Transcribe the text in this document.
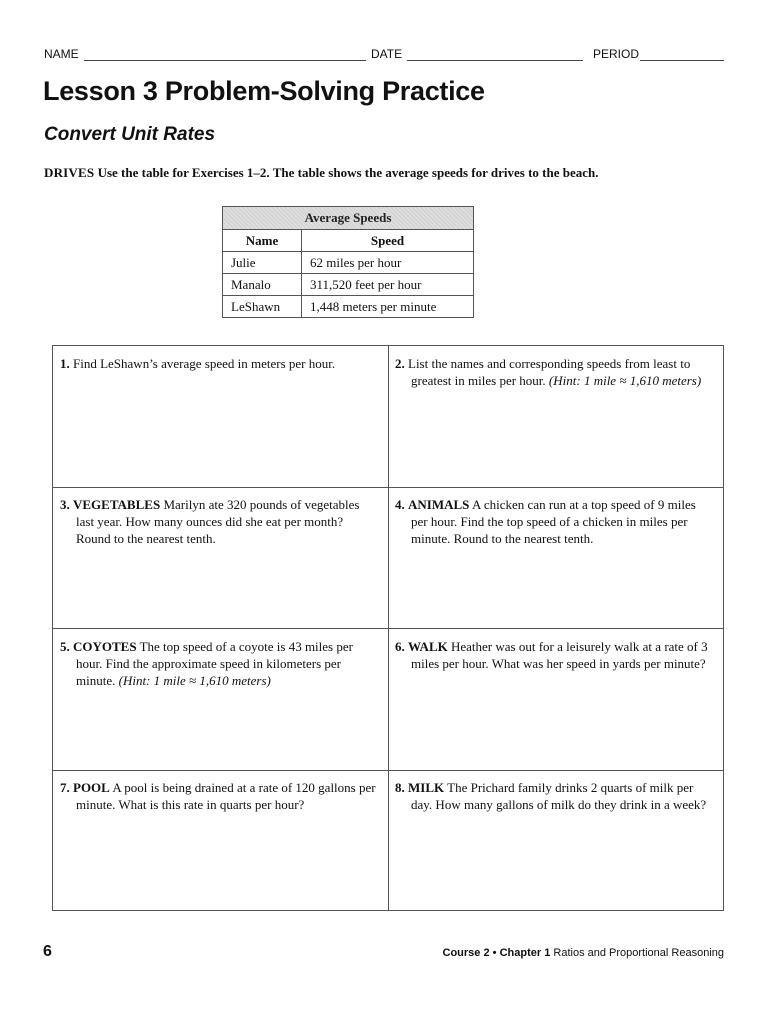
NAME	DATE	PERIOD
Lesson 3 Problem-Solving Practice
Convert Unit Rates
DRIVES Use the table for Exercises 1–2. The table shows the average speeds for drives to the beach.
Average Speeds	
Name	Speed
Julie	62 miles per hour
Manalo	311,520 feet per hour
LeShawn	1,448 meters per minute
1. Find LeShawn’s average speed in meters per hour.	2. List the names and corresponding speeds from least to greatest in miles per hour. (Hint: 1 mile ≈ 1,610 meters)
3. VEGETABLES Marilyn ate 320 pounds of vegetables last year. How many ounces did she eat per month? Round to the nearest tenth.
4. ANIMALS A chicken can run at a top speed of 9 miles per hour. Find the top speed of a chicken in miles per minute. Round to the nearest tenth.
5. COYOTES The top speed of a coyote is 43 miles per hour. Find the approximate speed in kilometers per minute. (Hint: 1 mile ≈ 1,610 meters)
6. WALK Heather was out for a leisurely walk at a rate of 3 miles per hour. What was her speed in yards per minute?
7. POOL A pool is being drained at a rate of 120 gallons per minute. What is this rate in quarts per hour?
8. MILK The Prichard family drinks 2 quarts of milk per day. How many gallons of milk do they drink in a week?
6	Course 2 • Chapter 1 Ratios and Proportional Reasoning
